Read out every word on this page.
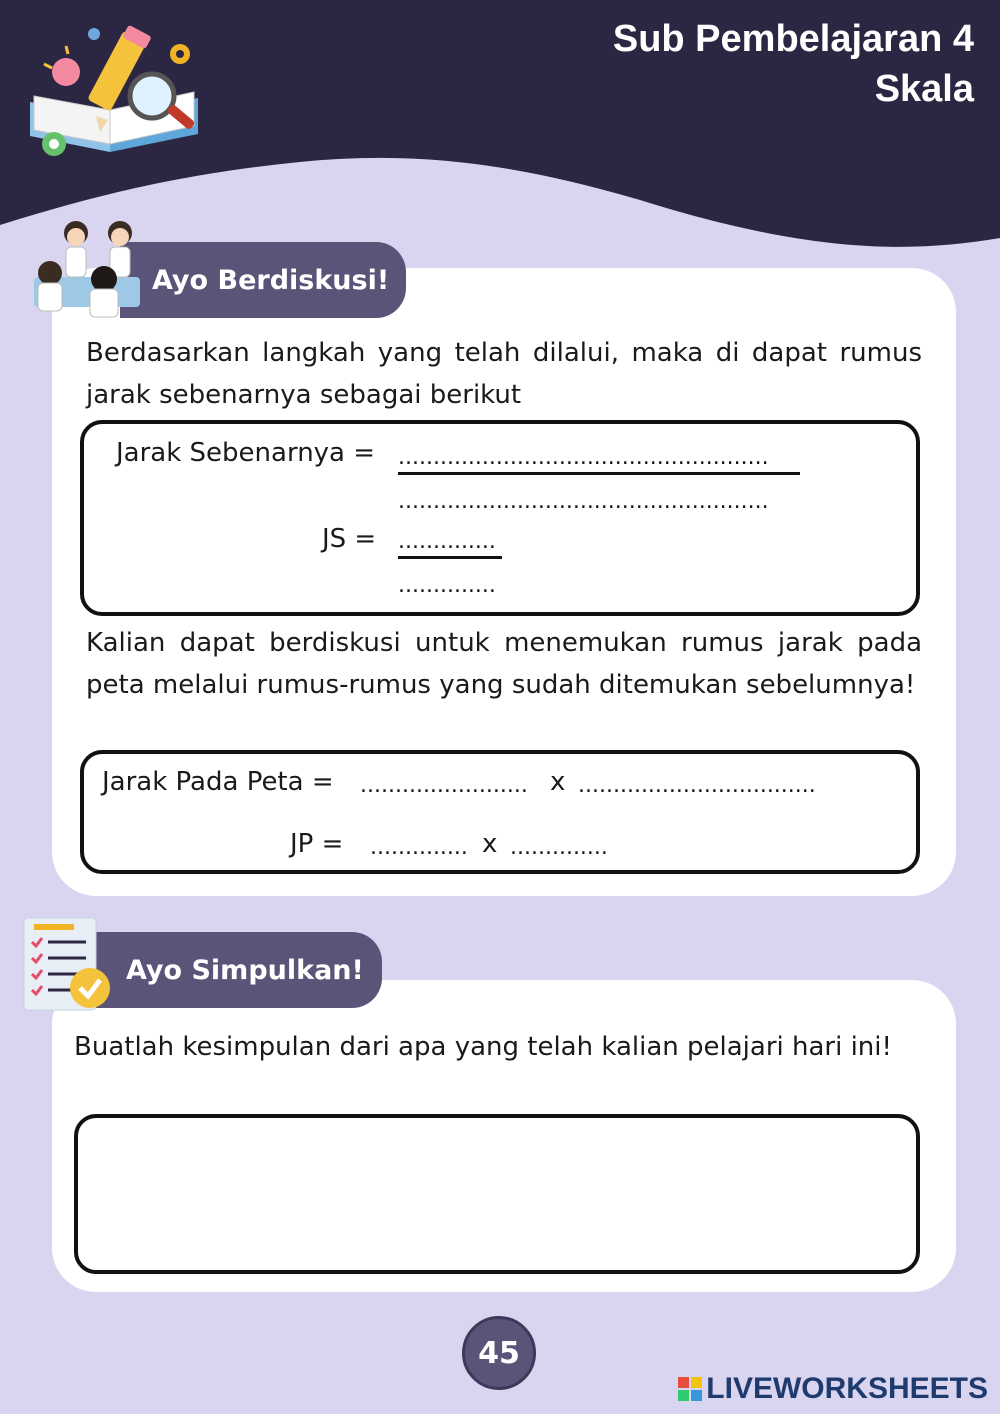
Sub Pembelajaran 4
Skala
Ayo Berdiskusi!
Berdasarkan langkah yang telah dilalui, maka di dapat rumus jarak sebenarnya sebagai berikut
Jarak Sebenarnya = .....................................................
.....................................................
JS = ..............
..............
Kalian dapat berdiskusi untuk menemukan rumus jarak pada peta melalui rumus-rumus yang sudah ditemukan sebelumnya!
Jarak Pada Peta = ........................ x ..................................
JP = .............. x ..............
Ayo Simpulkan!
Buatlah kesimpulan dari apa yang telah kalian pelajari hari ini!
45
LIVEWORKSHEETS
